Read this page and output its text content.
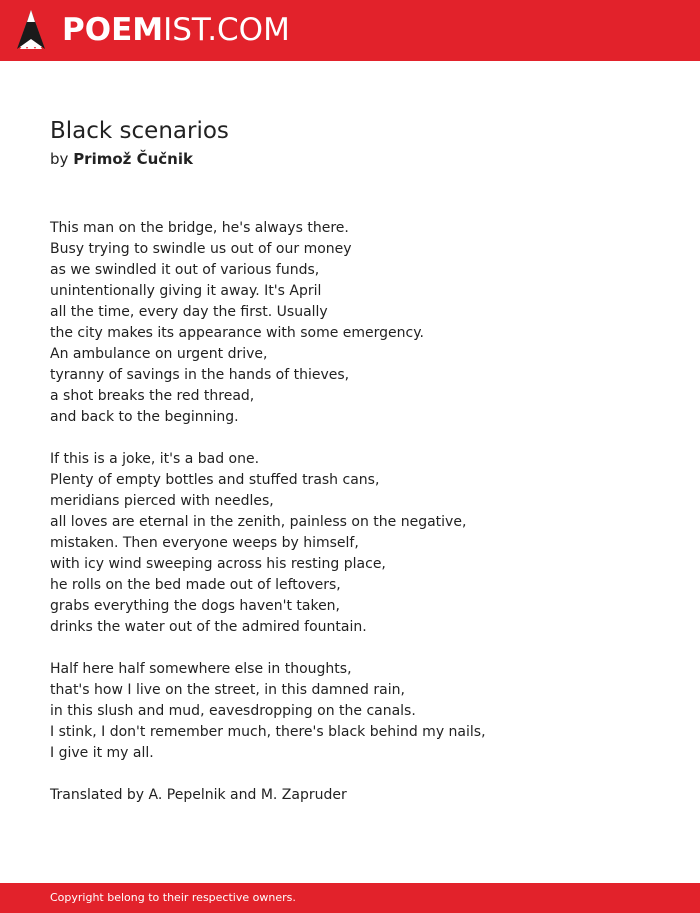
POEMIST.COM
Black scenarios
by Primož Čučnik
This man on the bridge, he's always there.
Busy trying to swindle us out of our money
as we swindled it out of various funds,
unintentionally giving it away. It's April
all the time, every day the first. Usually
the city makes its appearance with some emergency.
An ambulance on urgent drive,
tyranny of savings in the hands of thieves,
a shot breaks the red thread,
and back to the beginning.
If this is a joke, it's a bad one.
Plenty of empty bottles and stuffed trash cans,
meridians pierced with needles,
all loves are eternal in the zenith, painless on the negative,
mistaken. Then everyone weeps by himself,
with icy wind sweeping across his resting place,
he rolls on the bed made out of leftovers,
grabs everything the dogs haven't taken,
drinks the water out of the admired fountain.
Half here half somewhere else in thoughts,
that's how I live on the street, in this damned rain,
in this slush and mud, eavesdropping on the canals.
I stink, I don't remember much, there's black behind my nails,
I give it my all.
Translated by A. Pepelnik and M. Zapruder
Copyright belong to their respective owners.
